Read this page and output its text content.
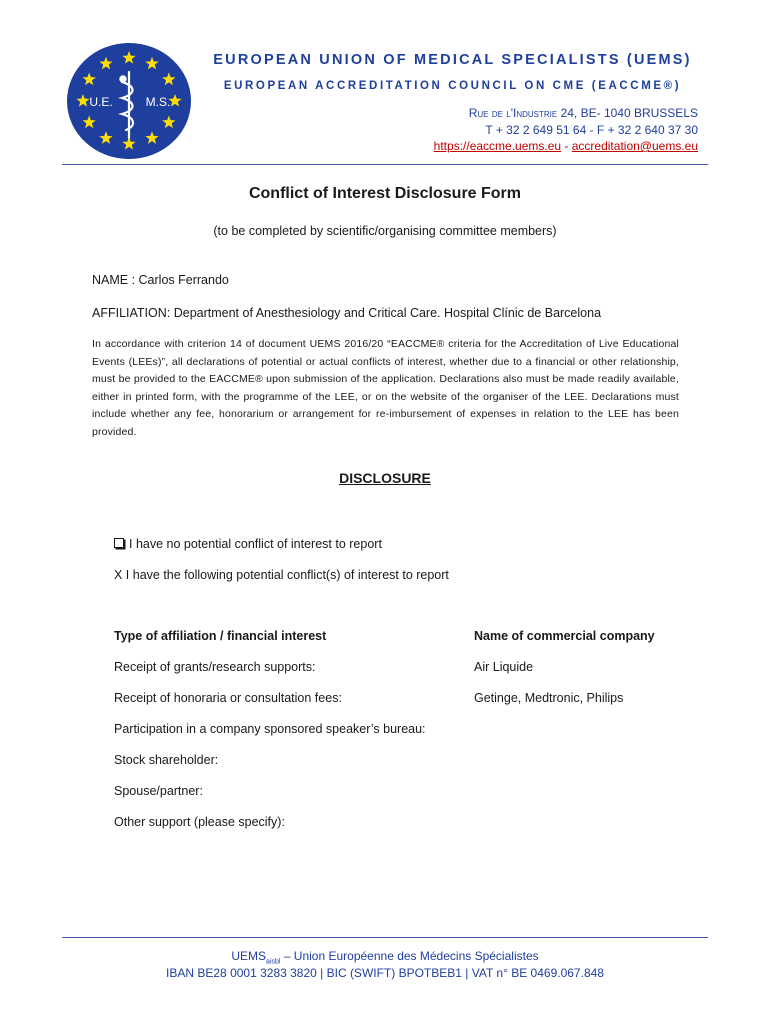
U.E.	M.S.
EUROPEAN UNION OF MEDICAL SPECIALISTS (UEMS)
EUROPEAN ACCREDITATION COUNCIL ON CME (EACCME®)
Rue de l'Industrie 24, BE- 1040 BRUSSELS
T + 32 2 649 51 64 - F + 32 2 640 37 30
https://eaccme.uems.eu - accreditation@uems.eu
Conflict of Interest Disclosure Form
(to be completed by scientific/organising committee members)
NAME : Carlos Ferrando
AFFILIATION: Department of Anesthesiology and Critical Care. Hospital Clínic de Barcelona
In accordance with criterion 14 of document UEMS 2016/20 “EACCME® criteria for the Accreditation of Live Educational Events (LEEs)”, all declarations of potential or actual conflicts of interest, whether due to a financial or other relationship, must be provided to the EACCME® upon submission of the application. Declarations also must be made readily available, either in printed form, with the programme of the LEE, or on the website of the organiser of the LEE. Declarations must include whether any fee, honorarium or arrangement for re-imbursement of expenses in relation to the LEE has been provided.
DISCLOSURE
I have no potential conflict of interest to report
X I have the following potential conflict(s) of interest to report
Type of affiliation / financial interest	Name of commercial company
Receipt of grants/research supports:	Air Liquide
Receipt of honoraria or consultation fees:	Getinge, Medtronic, Philips
Participation in a company sponsored speaker’s bureau:
Stock shareholder:
Spouse/partner:
Other support (please specify):
$UEMS_{aisbl}$ – Union Européenne des Médecins Spécialistes
IBAN BE28 0001 3283 3820 | BIC (SWIFT) BPOTBEB1 | VAT n° BE 0469.067.848
